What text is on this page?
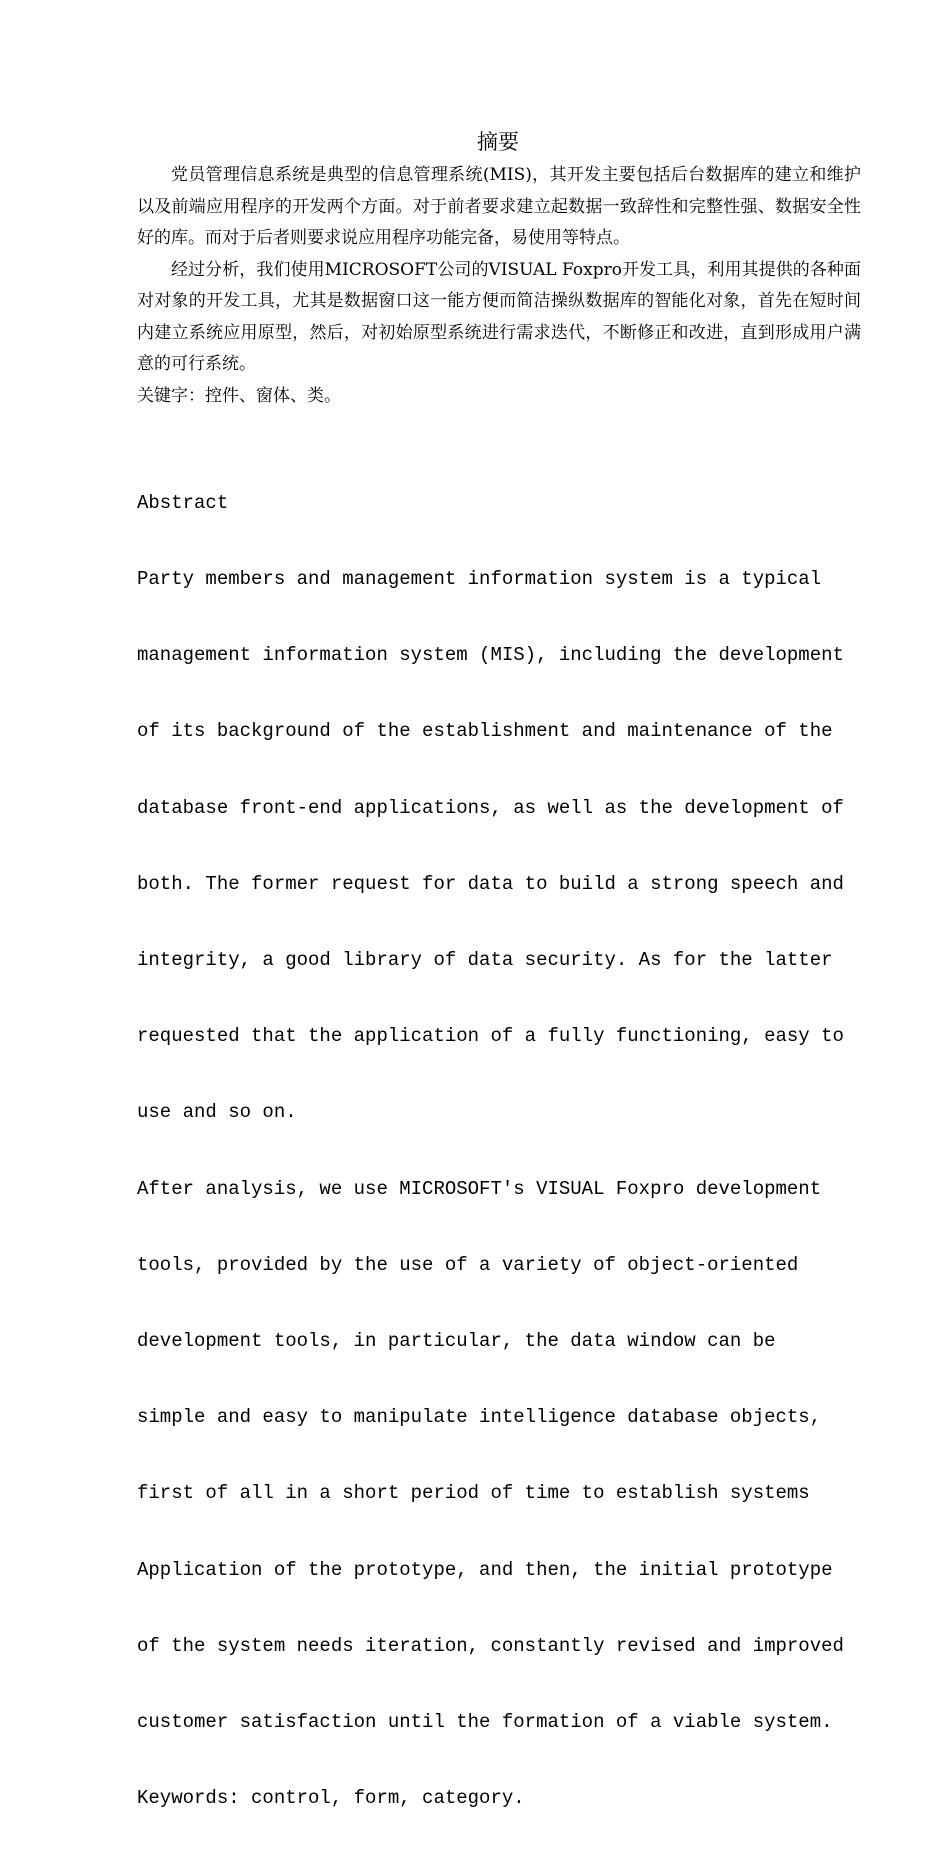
摘要

党员管理信息系统是典型的信息管理系统(MIS)，其开发主要包括后台数据库的建立和维护以及前端应用程序的开发两个方面。对于前者要求建立起数据一致辞性和完整性强、数据安全性好的库。而对于后者则要求说应用程序功能完备，易使用等特点。

经过分析，我们使用MICROSOFT公司的VISUAL Foxpro开发工具，利用其提供的各种面对对象的开发工具，尤其是数据窗口这一能方便而简洁操纵数据库的智能化对象，首先在短时间内建立系统应用原型，然后，对初始原型系统进行需求迭代，不断修正和改进，直到形成用户满意的可行系统。

关键字：控件、窗体、类。

Abstract

Party members and management information system is a typical

management information system (MIS), including the development

of its background of the establishment and maintenance of the

database front-end applications, as well as the development of

both. The former request for data to build a strong speech and

integrity, a good library of data security. As for the latter

requested that the application of a fully functioning, easy to

use and so on.

After analysis, we use MICROSOFT's VISUAL Foxpro development

tools, provided by the use of a variety of object-oriented

development tools, in particular, the data window can be

simple and easy to manipulate intelligence database objects,

first of all in a short period of time to establish systems

Application of the prototype, and then, the initial prototype

of the system needs iteration, constantly revised and improved

customer satisfaction until the formation of a viable system.

Keywords: control, form, category.
